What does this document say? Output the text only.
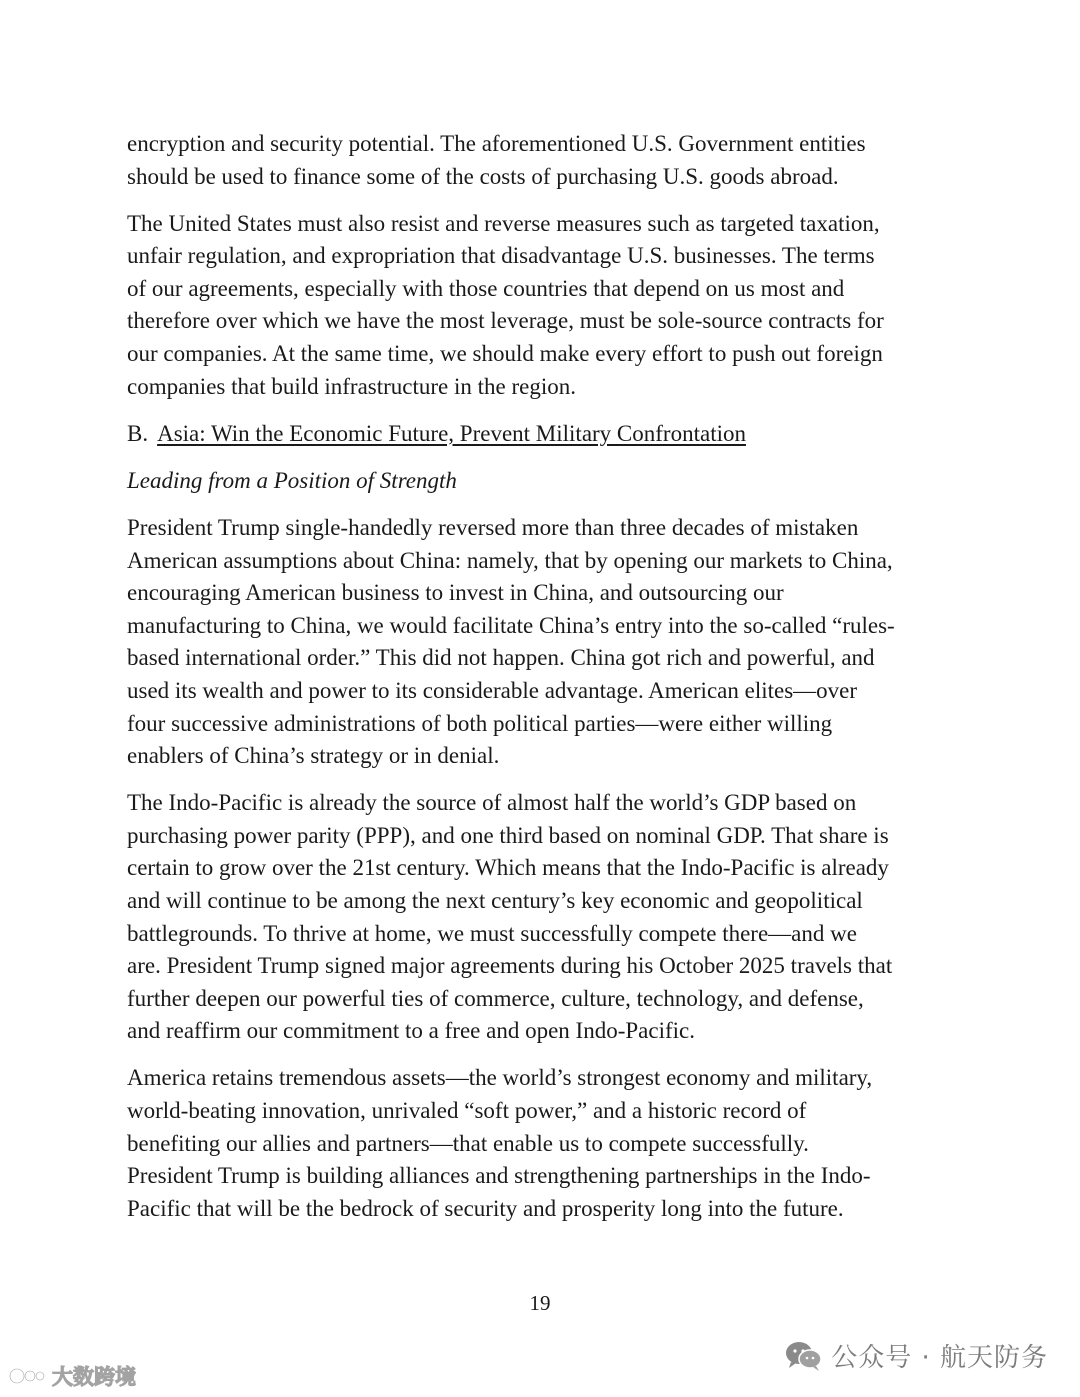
encryption and security potential. The aforementioned U.S. Government entities
should be used to finance some of the costs of purchasing U.S. goods abroad.

The United States must also resist and reverse measures such as targeted taxation,
unfair regulation, and expropriation that disadvantage U.S. businesses. The terms
of our agreements, especially with those countries that depend on us most and
therefore over which we have the most leverage, must be sole-source contracts for
our companies. At the same time, we should make every effort to push out foreign
companies that build infrastructure in the region.

B. Asia: Win the Economic Future, Prevent Military Confrontation
Leading from a Position of Strength

President Trump single-handedly reversed more than three decades of mistaken
American assumptions about China: namely, that by opening our markets to China,
encouraging American business to invest in China, and outsourcing our
manufacturing to China, we would facilitate China’s entry into the so-called “rules-
based international order.” This did not happen. China got rich and powerful, and
used its wealth and power to its considerable advantage. American elites—over
four successive administrations of both political parties—were either willing
enablers of China’s strategy or in denial.

The Indo-Pacific is already the source of almost half the world’s GDP based on
purchasing power parity (PPP), and one third based on nominal GDP. That share is
certain to grow over the 21st century. Which means that the Indo-Pacific is already
and will continue to be among the next century’s key economic and geopolitical
battlegrounds. To thrive at home, we must successfully compete there—and we
are. President Trump signed major agreements during his October 2025 travels that
further deepen our powerful ties of commerce, culture, technology, and defense,
and reaffirm our commitment to a free and open Indo-Pacific.

America retains tremendous assets—the world’s strongest economy and military,
world-beating innovation, unrivaled “soft power,” and a historic record of
benefiting our allies and partners—that enable us to compete successfully.
President Trump is building alliances and strengthening partnerships in the Indo-
Pacific that will be the bedrock of security and prosperity long into the future.

19
大数跨境
公众号 · 航天防务
